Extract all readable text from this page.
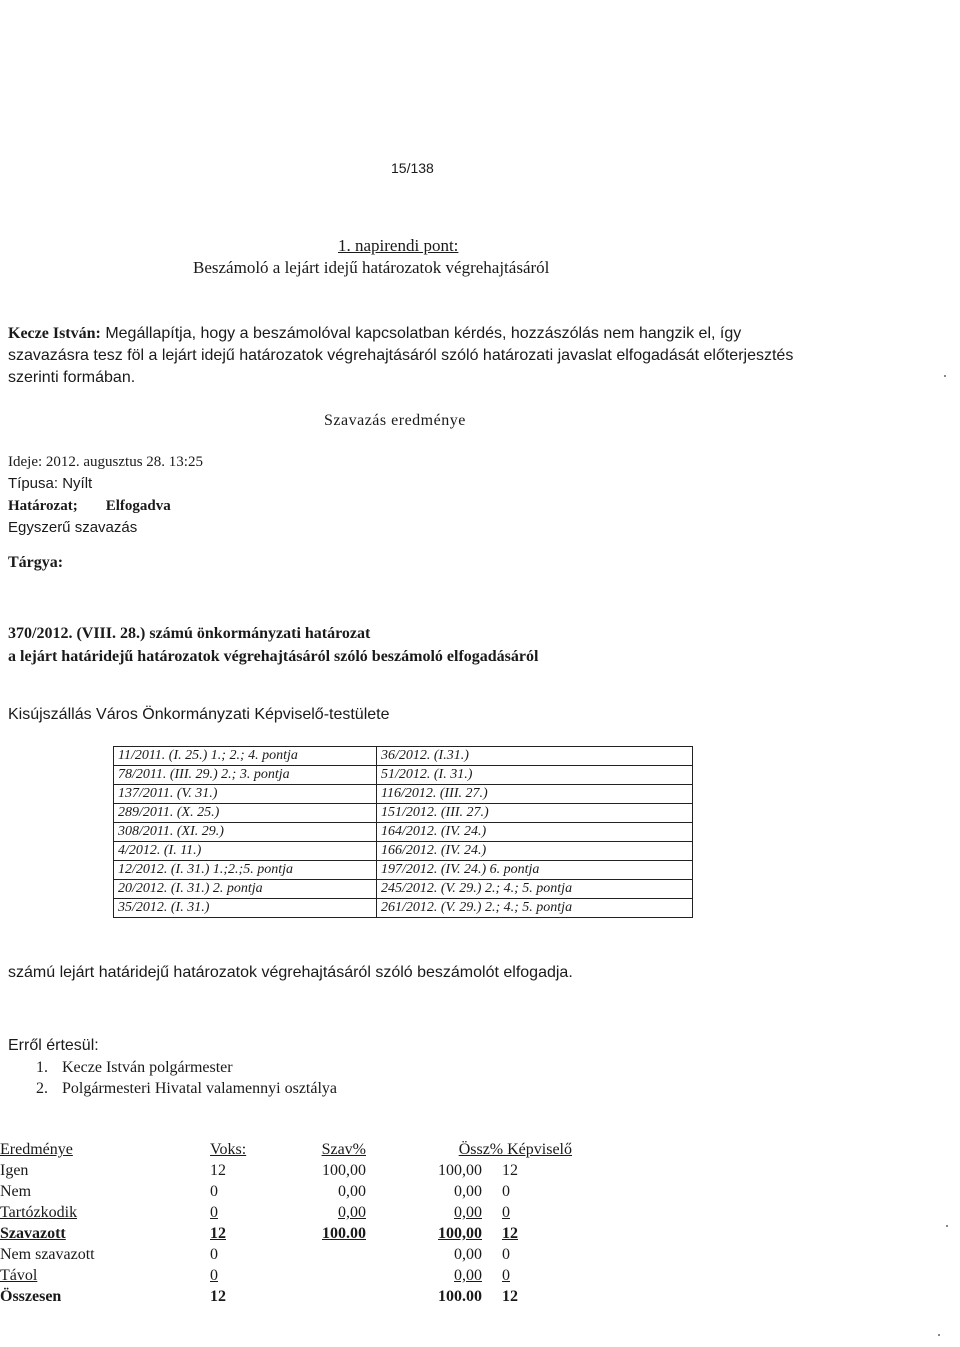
15/138
1. napirendi pont:
Beszámoló a lejárt idejű határozatok végrehajtásáról
Kecze István: Megállapítja, hogy a beszámolóval kapcsolatban kérdés, hozzászólás nem hangzik el, így szavazásra tesz föl a lejárt idejű határozatok végrehajtásáról szóló határozati javaslat elfogadását előterjesztés szerinti formában.
Szavazás eredménye
Ideje: 2012. augusztus 28. 13:25
Típusa: Nyílt
Határozat; Elfogadva
Egyszerű szavazás
Tárgya:
370/2012. (VIII. 28.) számú önkormányzati határozat
a lejárt határidejű határozatok végrehajtásáról szóló beszámoló elfogadásáról
Kisújszállás Város Önkormányzati Képviselő-testülete
11/2011. (I. 25.) 1.; 2.; 4. pontja	36/2012. (I.31.)
78/2011. (III. 29.) 2.; 3. pontja	51/2012. (I. 31.)
137/2011. (V. 31.)	116/2012. (III. 27.)
289/2011. (X. 25.)	151/2012. (III. 27.)
308/2011. (XI. 29.)	164/2012. (IV. 24.)
4/2012. (I. 11.)	166/2012. (IV. 24.)
12/2012. (I. 31.) 1.;2.;5. pontja	197/2012. (IV. 24.) 6. pontja
20/2012. (I. 31.) 2. pontja	245/2012. (V. 29.) 2.; 4.; 5. pontja
35/2012. (I. 31.)	261/2012. (V. 29.) 2.; 4.; 5. pontja
számú lejárt határidejű határozatok végrehajtásáról szóló beszámolót elfogadja.
Erről értesül:
1. Kecze István polgármester
2. Polgármesteri Hivatal valamennyi osztálya
Eredménye	Voks:	Szav%	Össz% Képviselő	
Igen	12	100,00	100,00	12
Nem	0	0,00	0,00	0
Tartózkodik	0	0,00	0,00	0
Szavazott	12	100.00	100,00	12
Nem szavazott	0		0,00	0
Távol	0		0,00	0
Összesen	12		100.00	12
